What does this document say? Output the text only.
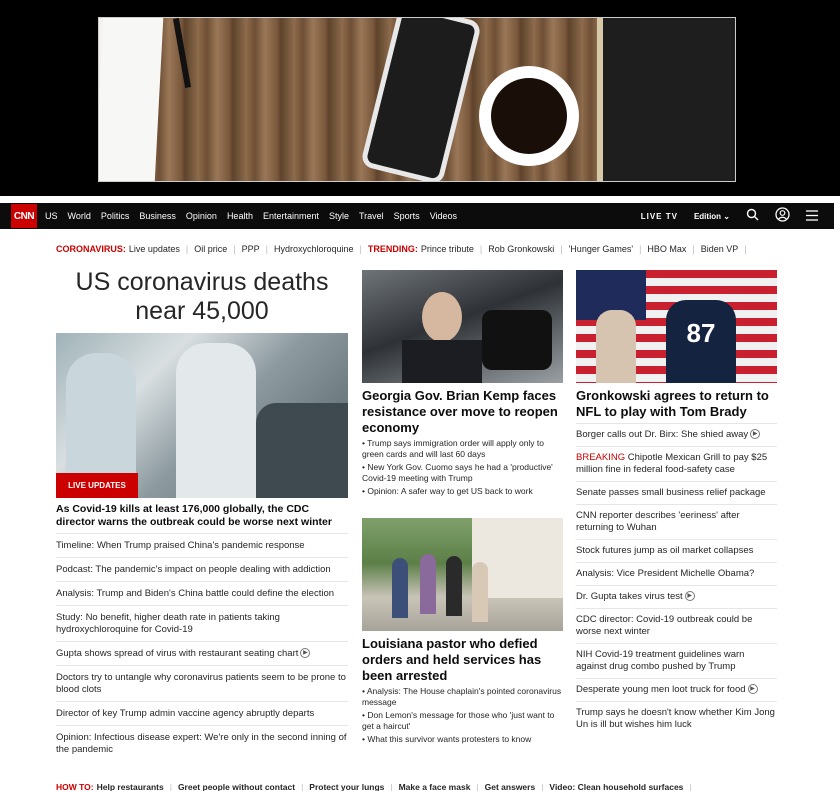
CNN	US World Politics Business Opinion Health Entertainment Style Travel Sports Videos	LIVE TV Edition ⌄
CORONAVIRUS: Live updates | Oil price | PPP | Hydroxychloroquine | TRENDING: Prince tribute | Rob Gronkowski | 'Hunger Games' | HBO Max | Biden VP |
US coronavirus deaths near 45,000
LIVE UPDATES
As Covid-19 kills at least 176,000 globally, the CDC director warns the outbreak could be worse next winter
Timeline: When Trump praised China's pandemic response
Podcast: The pandemic's impact on people dealing with addiction
Analysis: Trump and Biden's China battle could define the election
Study: No benefit, higher death rate in patients taking hydroxychloroquine for Covid-19
Gupta shows spread of virus with restaurant seating chart ▶
Doctors try to untangle why coronavirus patients seem to be prone to blood clots
Director of key Trump admin vaccine agency abruptly departs
Opinion: Infectious disease expert: We're only in the second inning of the pandemic
Georgia Gov. Brian Kemp faces resistance over move to reopen economy
• Trump says immigration order will apply only to green cards and will last 60 days
• New York Gov. Cuomo says he had a 'productive' Covid-19 meeting with Trump
• Opinion: A safer way to get US back to work
Louisiana pastor who defied orders and held services has been arrested
• Analysis: The House chaplain's pointed coronavirus message
• Don Lemon's message for those who 'just want to get a haircut'
• What this survivor wants protesters to know
87
Gronkowski agrees to return to NFL to play with Tom Brady
Borger calls out Dr. Birx: She shied away ▶
BREAKING Chipotle Mexican Grill to pay $25 million fine in federal food-safety case
Senate passes small business relief package
CNN reporter describes 'eeriness' after returning to Wuhan
Stock futures jump as oil market collapses
Analysis: Vice President Michelle Obama?
Dr. Gupta takes virus test ▶
CDC director: Covid-19 outbreak could be worse next winter
NIH Covid-19 treatment guidelines warn against drug combo pushed by Trump
Desperate young men loot truck for food ▶
Trump says he doesn't know whether Kim Jong Un is ill but wishes him luck
HOW TO: Help restaurants | Greet people without contact | Protect your lungs | Make a face mask | Get answers | Video: Clean household surfaces |
